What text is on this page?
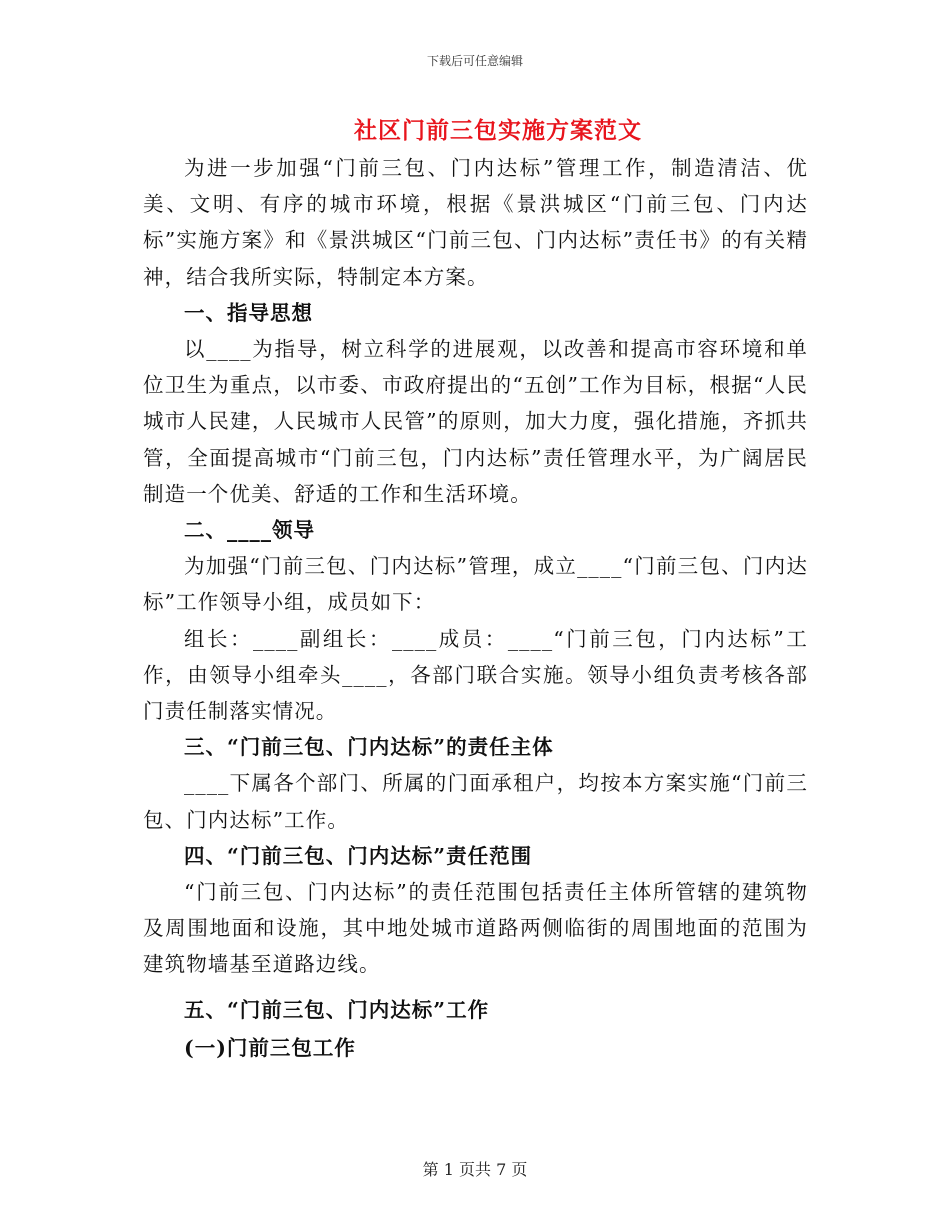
下载后可任意编辑
社区门前三包实施方案范文

为进一步加强“门前三包、门内达标”管理工作，制造清洁、优美、文明、有序的城市环境，根据《景洪城区“门前三包、门内达标”实施方案》和《景洪城区“门前三包、门内达标”责任书》的有关精神，结合我所实际，特制定本方案。

一、指导思想

以____为指导，树立科学的进展观，以改善和提高市容环境和单位卫生为重点，以市委、市政府提出的“五创”工作为目标，根据“人民城市人民建，人民城市人民管”的原则，加大力度，强化措施，齐抓共管，全面提高城市“门前三包，门内达标”责任管理水平，为广阔居民制造一个优美、舒适的工作和生活环境。

二、____领导

为加强“门前三包、门内达标”管理，成立____“门前三包、门内达标”工作领导小组，成员如下：

组长：____副组长：____成员：____“门前三包，门内达标”工作，由领导小组牵头____，各部门联合实施。领导小组负责考核各部门责任制落实情况。

三、“门前三包、门内达标”的责任主体

____下属各个部门、所属的门面承租户，均按本方案实施“门前三包、门内达标”工作。

四、“门前三包、门内达标”责任范围

“门前三包、门内达标”的责任范围包括责任主体所管辖的建筑物及周围地面和设施，其中地处城市道路两侧临街的周围地面的范围为建筑物墙基至道路边线。

五、“门前三包、门内达标”工作

(一)门前三包工作

第 1 页共 7 页
